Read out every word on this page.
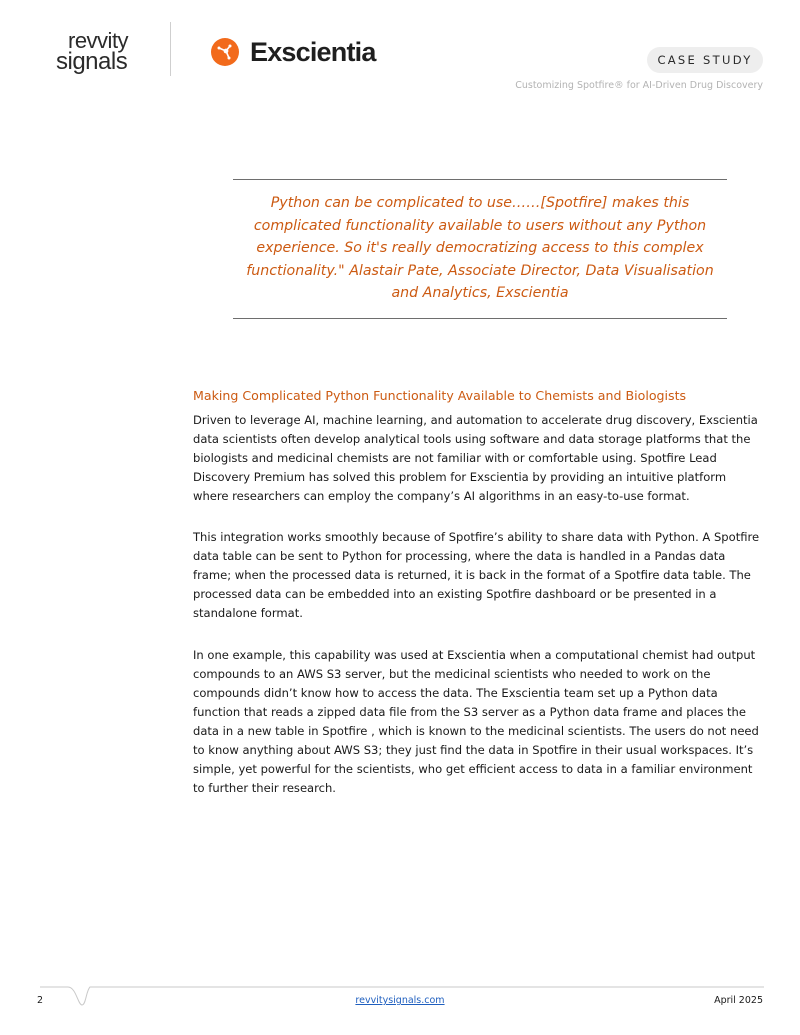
revvity
signals	Exscientia	CASE STUDY
Customizing Spotfire® for AI-Driven Drug Discovery

Python can be complicated to use……[Spotfire] makes this complicated functionality available to users without any Python experience. So it's really democratizing access to this complex functionality." Alastair Pate, Associate Director, Data Visualisation and Analytics, Exscientia

Making Complicated Python Functionality Available to Chemists and Biologists

Driven to leverage AI, machine learning, and automation to accelerate drug discovery, Exscientia data scientists often develop analytical tools using software and data storage platforms that the biologists and medicinal chemists are not familiar with or comfortable using. Spotfire Lead Discovery Premium has solved this problem for Exscientia by providing an intuitive platform where researchers can employ the company’s AI algorithms in an easy-to-use format.

This integration works smoothly because of Spotfire’s ability to share data with Python. A Spotfire data table can be sent to Python for processing, where the data is handled in a Pandas data frame; when the processed data is returned, it is back in the format of a Spotfire data table. The processed data can be embedded into an existing Spotfire dashboard or be presented in a standalone format.

In one example, this capability was used at Exscientia when a computational chemist had output compounds to an AWS S3 server, but the medicinal scientists who needed to work on the compounds didn’t know how to access the data. The Exscientia team set up a Python data function that reads a zipped data file from the S3 server as a Python data frame and places the data in a new table in Spotfire , which is known to the medicinal scientists. The users do not need to know anything about AWS S3; they just find the data in Spotfire in their usual workspaces. It’s simple, yet powerful for the scientists, who get efficient access to data in a familiar environment to further their research.

2	revvitysignals.com	April 2025
